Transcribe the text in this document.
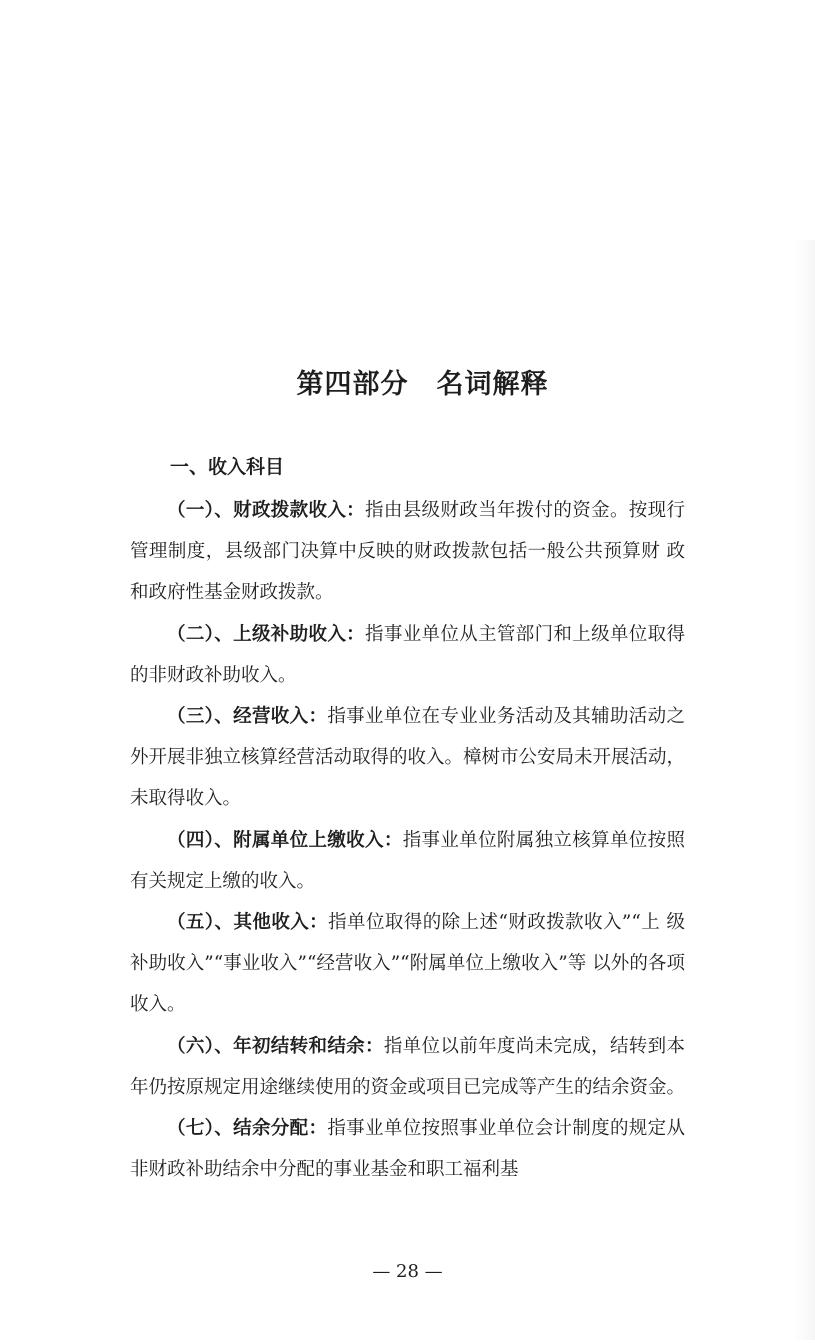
第四部分　名词解释
一、收入科目

（一）、财政拨款收入：指由县级财政当年拨付的资金。按现行 管理制度，县级部门决算中反映的财政拨款包括一般公共预算财 政和政府性基金财政拨款。

（二）、上级补助收入：指事业单位从主管部门和上级单位取得 的非财政补助收入。

（三）、经营收入：指事业单位在专业业务活动及其辅助活动之外开展非独立核算经营活动取得的收入。樟树市公安局未开展活动，未取得收入。

（四）、附属单位上缴收入：指事业单位附属独立核算单位按照 有关规定上缴的收入。

（五）、其他收入：指单位取得的除上述“财政拨款收入”“上 级补助收入”“事业收入”“经营收入”“附属单位上缴收入”等 以外的各项收入。

（六）、年初结转和结余：指单位以前年度尚未完成，结转到本 年仍按原规定用途继续使用的资金或项目已完成等产生的结余资金。

（七）、结余分配：指事业单位按照事业单位会计制度的规定从 非财政补助结余中分配的事业基金和职工福利基

— 28 —
